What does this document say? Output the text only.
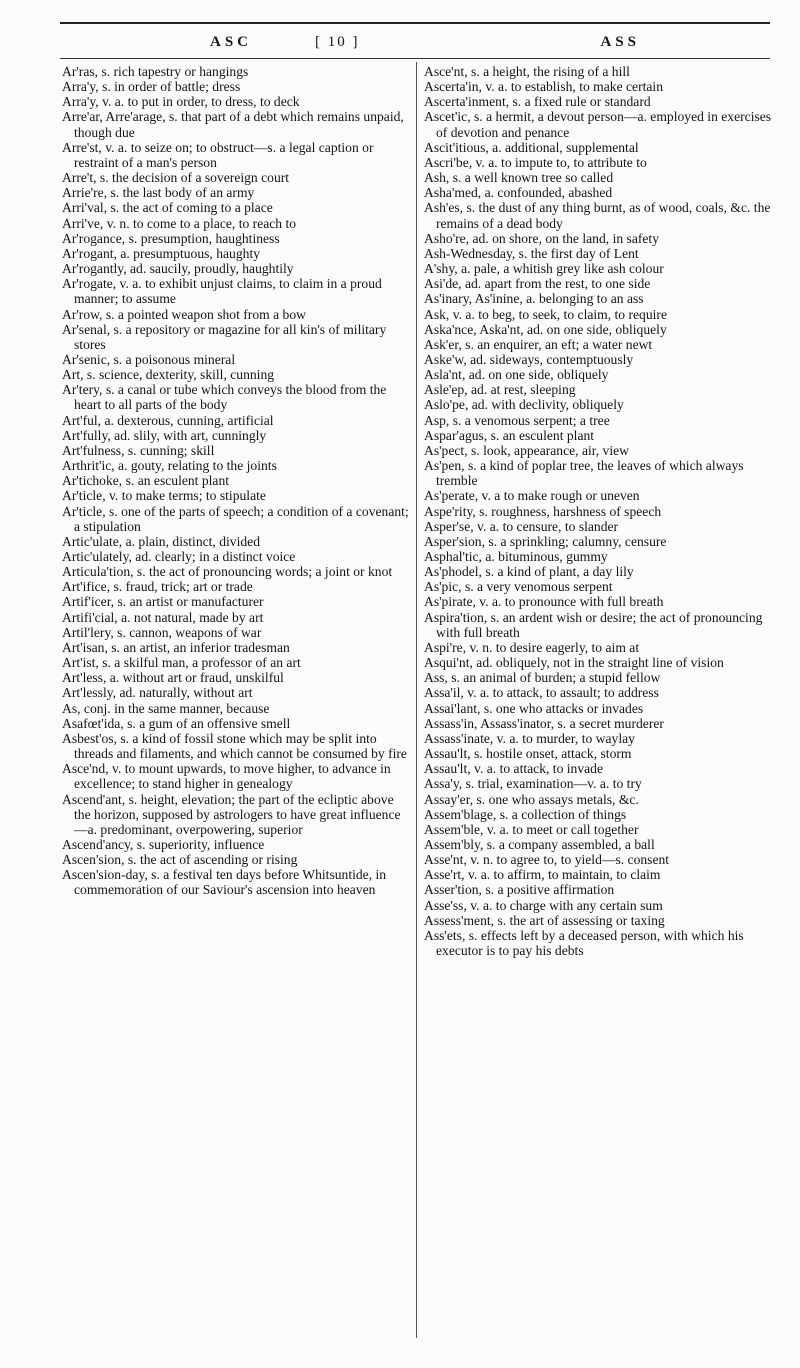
ASC	[ 10 ]	ASS

Ar'ras, s. rich tapestry or hangings

Arra'y, s. in order of battle; dress

Arra'y, v. a. to put in order, to dress, to deck

Arre'ar, Arre'arage, s. that part of a debt which remains unpaid, though due

Arre'st, v. a. to seize on; to obstruct—s. a legal caption or restraint of a man's person

Arre't, s. the decision of a sovereign court

Arrie're, s. the last body of an army

Arri'val, s. the act of coming to a place

Arri've, v. n. to come to a place, to reach to

Ar'rogance, s. presumption, haughtiness

Ar'rogant, a. presumptuous, haughty

Ar'rogantly, ad. saucily, proudly, haughtily

Ar'rogate, v. a. to exhibit unjust claims, to claim in a proud manner; to assume

Ar'row, s. a pointed weapon shot from a bow

Ar'senal, s. a repository or magazine for all kin's of military stores

Ar'senic, s. a poisonous mineral

Art, s. science, dexterity, skill, cunning

Ar'tery, s. a canal or tube which conveys the blood from the heart to all parts of the body

Art'ful, a. dexterous, cunning, artificial

Art'fully, ad. slily, with art, cunningly

Art'fulness, s. cunning; skill

Arthrit'ic, a. gouty, relating to the joints

Ar'tichoke, s. an esculent plant

Ar'ticle, v. to make terms; to stipulate

Ar'ticle, s. one of the parts of speech; a condition of a covenant; a stipulation

Artic'ulate, a. plain, distinct, divided

Artic'ulately, ad. clearly; in a distinct voice

Articula'tion, s. the act of pronouncing words; a joint or knot

Art'ifice, s. fraud, trick; art or trade

Artif'icer, s. an artist or manufacturer

Artifi'cial, a. not natural, made by art

Artil'lery, s. cannon, weapons of war

Art'isan, s. an artist, an inferior tradesman

Art'ist, s. a skilful man, a professor of an art

Art'less, a. without art or fraud, unskilful

Art'lessly, ad. naturally, without art

As, conj. in the same manner, because

Asafœt'ida, s. a gum of an offensive smell

Asbest'os, s. a kind of fossil stone which may be split into threads and filaments, and which cannot be consumed by fire

Asce'nd, v. to mount upwards, to move higher, to advance in excellence; to stand higher in genealogy

Ascend'ant, s. height, elevation; the part of the ecliptic above the horizon, supposed by astrologers to have great influence—a. predominant, overpowering, superior

Ascend'ancy, s. superiority, influence

Ascen'sion, s. the act of ascending or rising

Ascen'sion-day, s. a festival ten days before Whitsuntide, in commemoration of our Saviour's ascension into heaven

Asce'nt, s. a height, the rising of a hill

Ascerta'in, v. a. to establish, to make certain

Ascerta'inment, s. a fixed rule or standard

Ascet'ic, s. a hermit, a devout person—a. employed in exercises of devotion and penance

Ascit'itious, a. additional, supplemental

Ascri'be, v. a. to impute to, to attribute to

Ash, s. a well known tree so called

Asha'med, a. confounded, abashed

Ash'es, s. the dust of any thing burnt, as of wood, coals, &c. the remains of a dead body

Asho're, ad. on shore, on the land, in safety

Ash-Wednesday, s. the first day of Lent

A'shy, a. pale, a whitish grey like ash colour

Asi'de, ad. apart from the rest, to one side

As'inary, As'inine, a. belonging to an ass

Ask, v. a. to beg, to seek, to claim, to require

Aska'nce, Aska'nt, ad. on one side, obliquely

Ask'er, s. an enquirer, an eft; a water newt

Aske'w, ad. sideways, contemptuously

Asla'nt, ad. on one side, obliquely

Asle'ep, ad. at rest, sleeping

Aslo'pe, ad. with declivity, obliquely

Asp, s. a venomous serpent; a tree

Aspar'agus, s. an esculent plant

As'pect, s. look, appearance, air, view

As'pen, s. a kind of poplar tree, the leaves of which always tremble

As'perate, v. a to make rough or uneven

Aspe'rity, s. roughness, harshness of speech

Asper'se, v. a. to censure, to slander

Asper'sion, s. a sprinkling; calumny, censure

Asphal'tic, a. bituminous, gummy

As'phodel, s. a kind of plant, a day lily

As'pic, s. a very venomous serpent

As'pirate, v. a. to pronounce with full breath

Aspira'tion, s. an ardent wish or desire; the act of pronouncing with full breath

Aspi're, v. n. to desire eagerly, to aim at

Asqui'nt, ad. obliquely, not in the straight line of vision

Ass, s. an animal of burden; a stupid fellow

Assa'il, v. a. to attack, to assault; to address

Assai'lant, s. one who attacks or invades

Assass'in, Assass'inator, s. a secret murderer

Assass'inate, v. a. to murder, to waylay

Assau'lt, s. hostile onset, attack, storm

Assau'lt, v. a. to attack, to invade

Assa'y, s. trial, examination—v. a. to try

Assay'er, s. one who assays metals, &c.

Assem'blage, s. a collection of things

Assem'ble, v. a. to meet or call together

Assem'bly, s. a company assembled, a ball

Asse'nt, v. n. to agree to, to yield—s. consent

Asse'rt, v. a. to affirm, to maintain, to claim

Asser'tion, s. a positive affirmation

Asse'ss, v. a. to charge with any certain sum

Assess'ment, s. the art of assessing or taxing

Ass'ets, s. effects left by a deceased person, with which his executor is to pay his debts
